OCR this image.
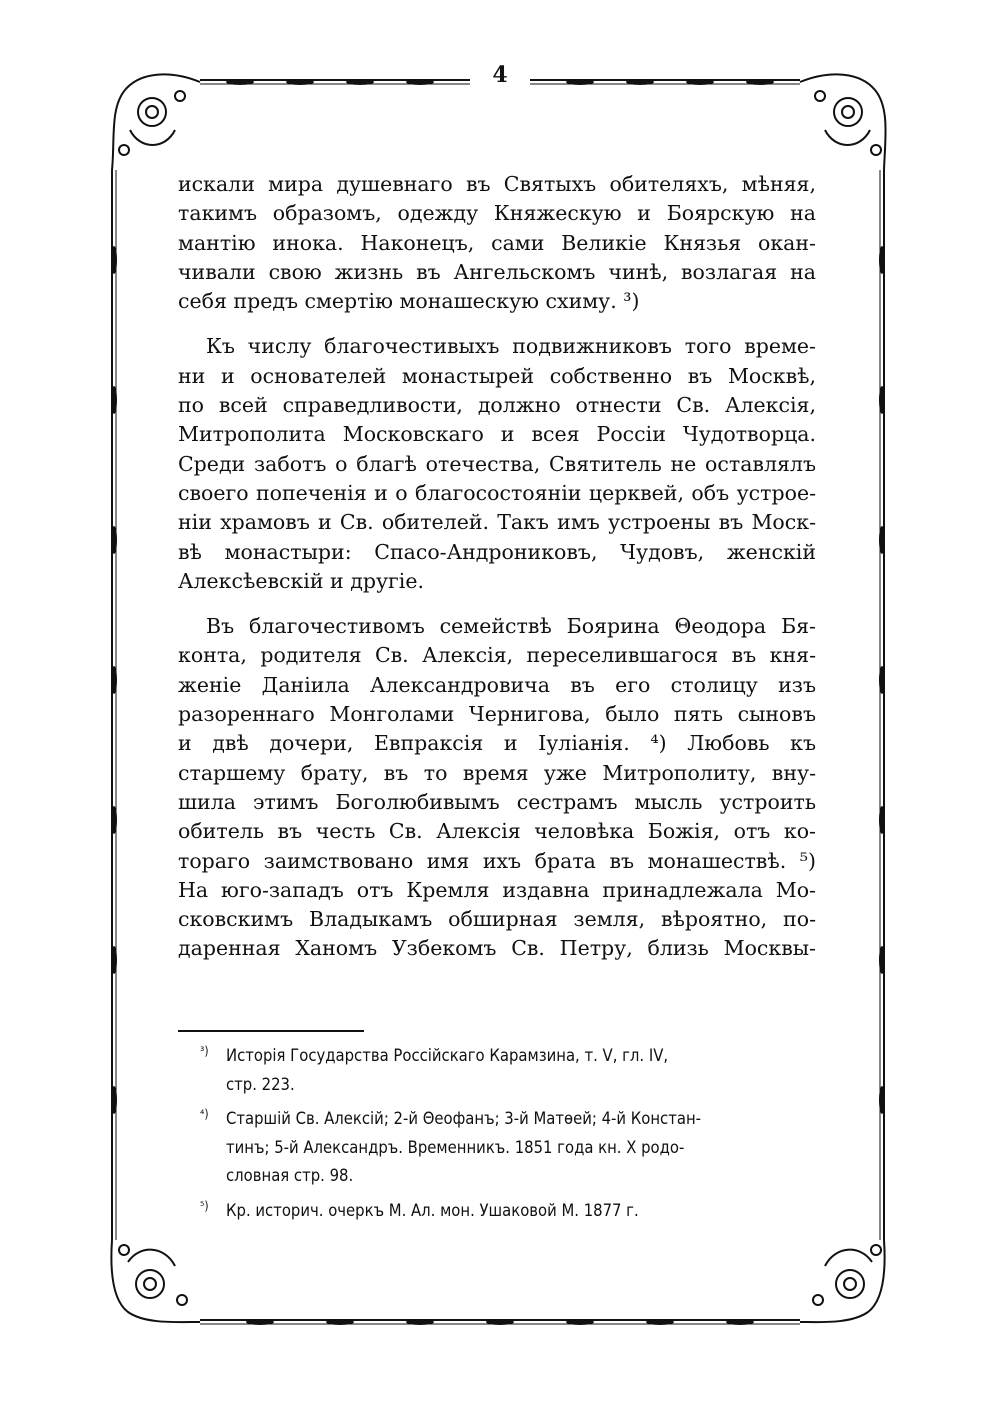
4

искали мира душевнаго въ Святыхъ обителяхъ, мѣняя,
такимъ образомъ, одежду Княжескую и Боярскую на
мантію инока. Наконецъ, сами Великіе Князья окан-
чивали свою жизнь въ Ангельскомъ чинѣ, возлагая на
себя предъ смертію монашескую схиму. ³)

Къ числу благочестивыхъ подвижниковъ того време-
ни и основателей монастырей собственно въ Москвѣ,
по всей справедливости, должно отнести Св. Алексія,
Митрополита Московскаго и всея Россіи Чудотворца.
Среди заботъ о благѣ отечества, Святитель не оставлялъ
своего попеченія и о благосостояніи церквей, объ устрое-
ніи храмовъ и Св. обителей. Такъ имъ устроены въ Моск-
вѣ монастыри: Спасо-Андрониковъ, Чудовъ, женскій
Алексѣевскій и другіе.

Въ благочестивомъ семействѣ Боярина Θеодора Бя-
конта, родителя Св. Алексія, переселившагося въ кня-
женіе Даніила Александровича въ его столицу изъ
разореннаго Монголами Чернигова, было пять сыновъ
и двѣ дочери, Евпраксія и Іуліанія. ⁴) Любовь къ
старшему брату, въ то время уже Митрополиту, вну-
шила этимъ Боголюбивымъ сестрамъ мысль устроить
обитель въ честь Св. Алексія человѣка Божія, отъ ко-
тораго заимствовано имя ихъ брата въ монашествѣ. ⁵)
На юго-западъ отъ Кремля издавна принадлежала Мо-
сковскимъ Владыкамъ обширная земля, вѣроятно, по-
даренная Ханомъ Узбекомъ Св. Петру, близь Москвы-

³) Исторія Государства Россійскаго Карамзина, т. V, гл. IV,
стр. 223.
⁴) Старшій Св. Алексій; 2-й Θеофанъ; 3-й Матѳей; 4-й Констан-
тинъ; 5-й Александръ. Временникъ. 1851 года кн. X родо-
словная стр. 98.
⁵) Кр. историч. очеркъ М. Ал. мон. Ушаковой М. 1877 г.
